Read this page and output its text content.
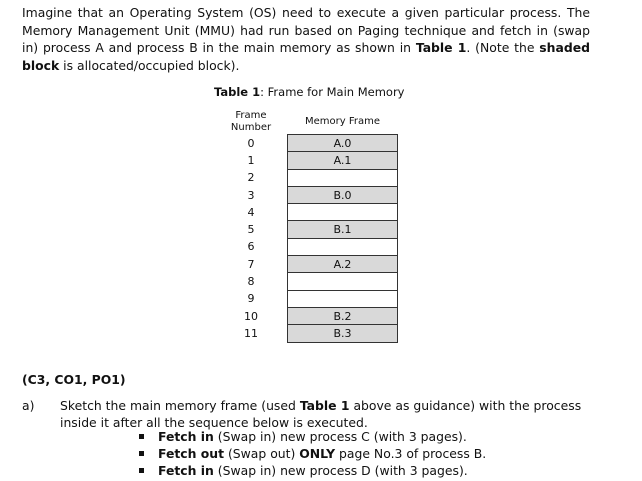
Imagine that an Operating System (OS) need to execute a given particular process. The Memory Management Unit (MMU) had run based on Paging technique and fetch in (swap in) process A and process B in the main memory as shown in Table 1. (Note the shaded block is allocated/occupied block).

Table 1: Frame for Main Memory
Frame
Number
Memory Frame
0		A.0
1		A.1
2		
3		B.0
4		
5		B.1
6		
7		A.2
8		
9		
10		B.2
11		B.3
(C3, CO1, PO1)
a) Sketch the main memory frame (used Table 1 above as guidance) with the process inside it after all the sequence below is executed.

Fetch in (Swap in) new process C (with 3 pages).
Fetch out (Swap out) ONLY page No.3 of process B.
Fetch in (Swap in) new process D (with 3 pages).
